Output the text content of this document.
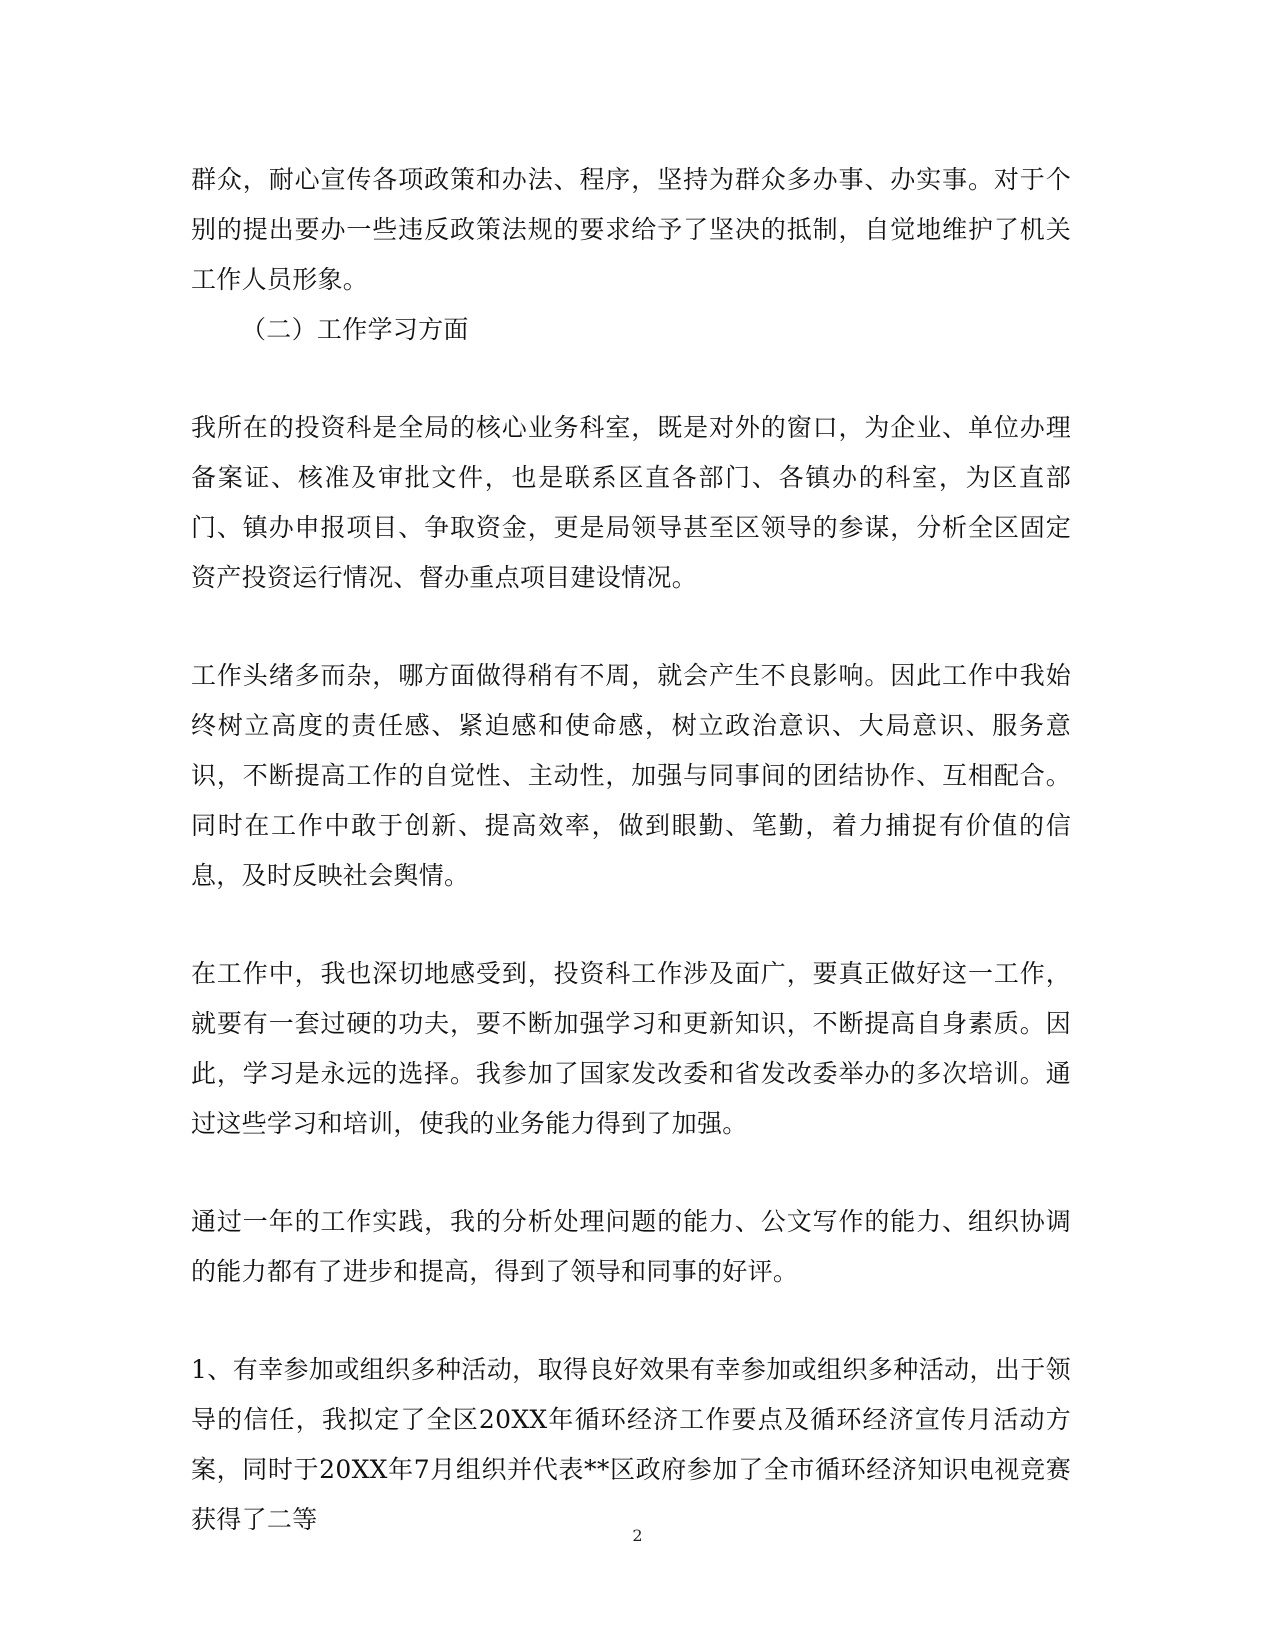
群众，耐心宣传各项政策和办法、程序，坚持为群众多办事、办实事。对于个别的提出要办一些违反政策法规的要求给予了坚决的抵制，自觉地维护了机关工作人员形象。

（二）工作学习方面

我所在的投资科是全局的核心业务科室，既是对外的窗口，为企业、单位办理备案证、核准及审批文件，也是联系区直各部门、各镇办的科室，为区直部门、镇办申报项目、争取资金，更是局领导甚至区领导的参谋，分析全区固定资产投资运行情况、督办重点项目建设情况。

工作头绪多而杂，哪方面做得稍有不周，就会产生不良影响。因此工作中我始终树立高度的责任感、紧迫感和使命感，树立政治意识、大局意识、服务意识，不断提高工作的自觉性、主动性，加强与同事间的团结协作、互相配合。同时在工作中敢于创新、提高效率，做到眼勤、笔勤，着力捕捉有价值的信息，及时反映社会舆情。

在工作中，我也深切地感受到，投资科工作涉及面广，要真正做好这一工作，就要有一套过硬的功夫，要不断加强学习和更新知识，不断提高自身素质。因此，学习是永远的选择。我参加了国家发改委和省发改委举办的多次培训。通过这些学习和培训，使我的业务能力得到了加强。

通过一年的工作实践，我的分析处理问题的能力、公文写作的能力、组织协调的能力都有了进步和提高，得到了领导和同事的好评。

1、有幸参加或组织多种活动，取得良好效果有幸参加或组织多种活动，出于领导的信任，我拟定了全区20XX年循环经济工作要点及循环经济宣传月活动方案，同时于20XX年7月组织并代表**区政府参加了全市循环经济知识电视竞赛获得了二等

2
